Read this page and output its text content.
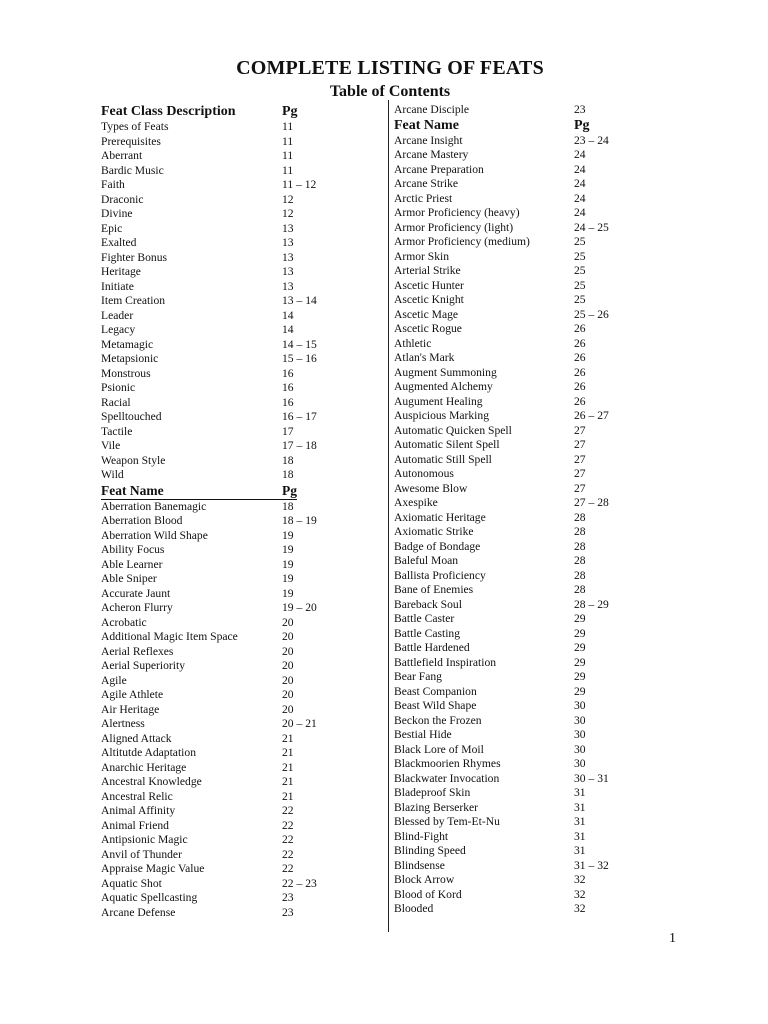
COMPLETE LISTING OF FEATS
Table of Contents
Feat Class Description	Pg
Types of Feats	11
Prerequisites	11
Aberrant	11
Bardic Music	11
Faith	11 – 12
Draconic	12
Divine	12
Epic	13
Exalted	13
Fighter Bonus	13
Heritage	13
Initiate	13
Item Creation	13 – 14
Leader	14
Legacy	14
Metamagic	14 – 15
Metapsionic	15 – 16
Monstrous	16
Psionic	16
Racial	16
Spelltouched	16 – 17
Tactile	17
Vile	17 – 18
Weapon Style	18
Wild	18
Feat Name	Pg
Aberration Banemagic	18
Aberration Blood	18 – 19
Aberration Wild Shape	19
Ability Focus	19
Able Learner	19
Able Sniper	19
Accurate Jaunt	19
Acheron Flurry	19 – 20
Acrobatic	20
Additional Magic Item Space	20
Aerial Reflexes	20
Aerial Superiority	20
Agile	20
Agile Athlete	20
Air Heritage	20
Alertness	20 – 21
Aligned Attack	21
Altitutde Adaptation	21
Anarchic Heritage	21
Ancestral Knowledge	21
Ancestral Relic	21
Animal Affinity	22
Animal Friend	22
Antipsionic Magic	22
Anvil of Thunder	22
Appraise Magic Value	22
Aquatic Shot	22 – 23
Aquatic Spellcasting	23
Arcane Defense	23
Arcane Disciple	23
Feat Name	Pg
Arcane Insight	23 – 24
Arcane Mastery	24
Arcane Preparation	24
Arcane Strike	24
Arctic Priest	24
Armor Proficiency (heavy)	24
Armor Proficiency (light)	24 – 25
Armor Proficiency (medium)	25
Armor Skin	25
Arterial Strike	25
Ascetic Hunter	25
Ascetic Knight	25
Ascetic Mage	25 – 26
Ascetic Rogue	26
Athletic	26
Atlan's Mark	26
Augment Summoning	26
Augmented Alchemy	26
Augument Healing	26
Auspicious Marking	26 – 27
Automatic Quicken Spell	27
Automatic Silent Spell	27
Automatic Still Spell	27
Autonomous	27
Awesome Blow	27
Axespike	27 – 28
Axiomatic Heritage	28
Axiomatic Strike	28
Badge of Bondage	28
Baleful Moan	28
Ballista Proficiency	28
Bane of Enemies	28
Bareback Soul	28 – 29
Battle Caster	29
Battle Casting	29
Battle Hardened	29
Battlefield Inspiration	29
Bear Fang	29
Beast Companion	29
Beast Wild Shape	30
Beckon the Frozen	30
Bestial Hide	30
Black Lore of Moil	30
Blackmoorien Rhymes	30
Blackwater Invocation	30 – 31
Bladeproof Skin	31
Blazing Berserker	31
Blessed by Tem-Et-Nu	31
Blind-Fight	31
Blinding Speed	31
Blindsense	31 – 32
Block Arrow	32
Blood of Kord	32
Blooded	32
1
